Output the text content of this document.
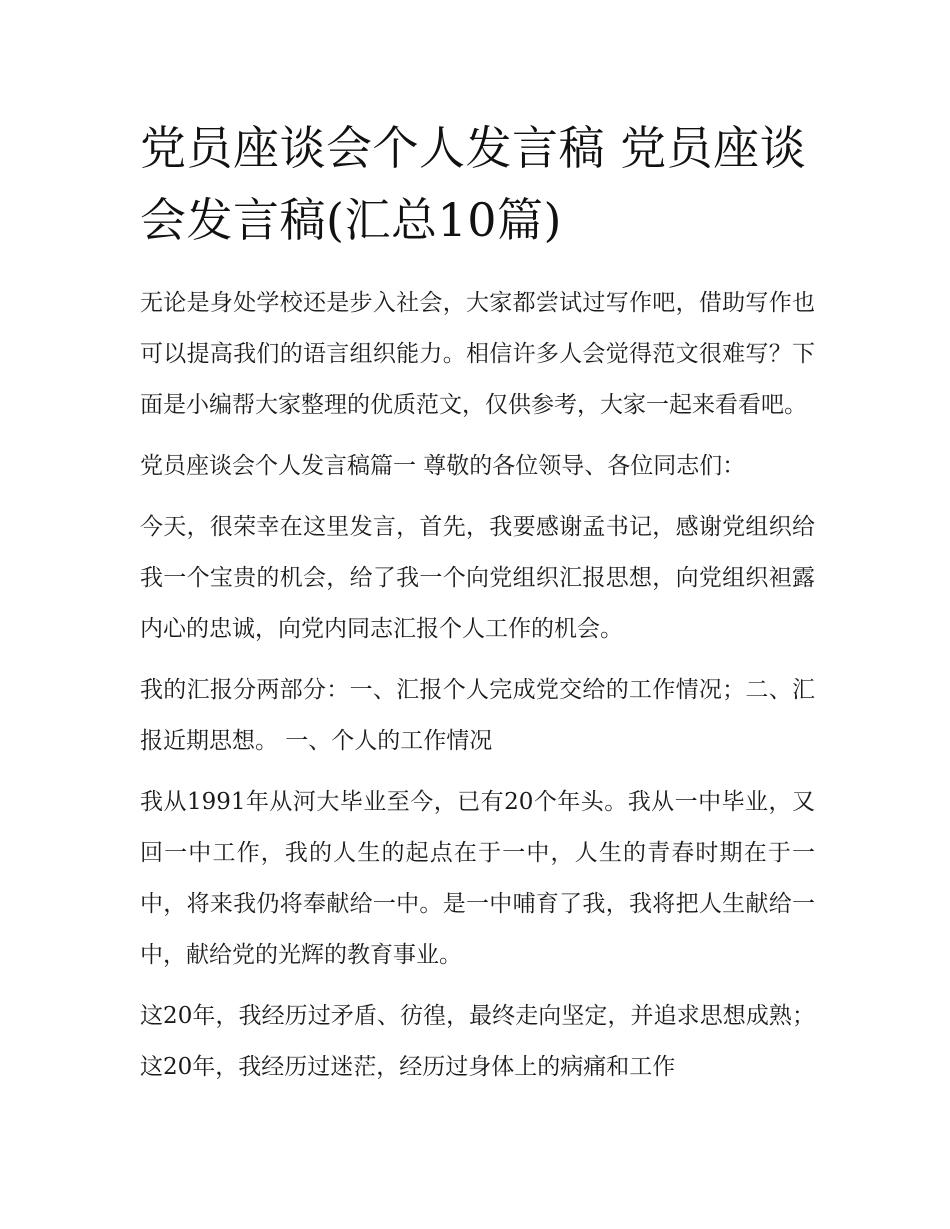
党员座谈会个人发言稿 党员座谈会发言稿(汇总10篇)

无论是身处学校还是步入社会，大家都尝试过写作吧，借助写作也可以提高我们的语言组织能力。相信许多人会觉得范文很难写？下面是小编帮大家整理的优质范文，仅供参考，大家一起来看看吧。

党员座谈会个人发言稿篇一 尊敬的各位领导、各位同志们：

今天，很荣幸在这里发言，首先，我要感谢孟书记，感谢党组织给我一个宝贵的机会，给了我一个向党组织汇报思想，向党组织袒露内心的忠诚，向党内同志汇报个人工作的机会。

我的汇报分两部分：一、汇报个人完成党交给的工作情况；二、汇报近期思想。 一、个人的工作情况

我从1991年从河大毕业至今，已有20个年头。我从一中毕业，又回一中工作，我的人生的起点在于一中，人生的青春时期在于一中，将来我仍将奉献给一中。是一中哺育了我，我将把人生献给一中，献给党的光辉的教育事业。

这20年，我经历过矛盾、彷徨，最终走向坚定，并追求思想成熟；这20年，我经历过迷茫，经历过身体上的病痛和工作
